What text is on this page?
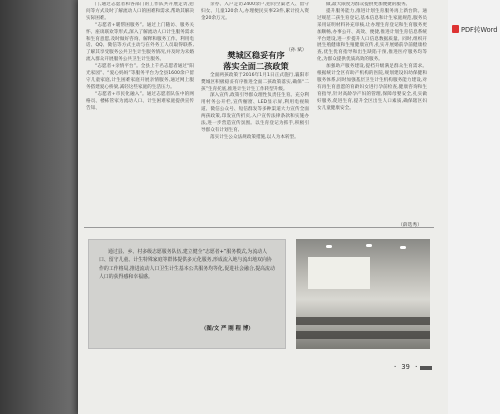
PDF转Word

门,通过志愿者和各部门的工作队共开展走访,慰问等方式及时了解流动人口的困难和需求,帮助其解决实际困难。

“志愿者+暖帮困服务”。通过上门随访、服务关怀、座谈联欢等形式,深入了解流动人口计生服务需求和生育意愿,及时做好咨询、解释和服务工作。利用电话、QQ、微信等方式主动与在外务工人员取得联系,了解其享受服务公共卫生计生服务情况,并及时为未婚流入群众开展服务公共卫生计生服务。

“志愿者+亲情平台”。全县上千名志愿者通过“阳光家园”、“爱心妈妈”等服务平台为全县1600余户留守儿童家庭,计生困难家庭开展亲情服务,通过网上服务搭建爱心桥梁,减轻这些家庭的生活压力。

“志愿者+市民化融入”。通过志愿者队伍中的网格员、楼栋管家为流动人口、计生困难家庭提供宣传告知、

亲办、入户走访2400余户,慰问空巢老人、留守妇女、儿童120余人,办理便民实事23件,累计投入资金20余万元。

全面两孩政策于2016年1月1日正式施行,襄阳市樊城区积极稳妥有序推进全面二孩政策落实,确保“二孩”生育托底,推进计生计生工作转型升级。

深入宣传,政策引导群众理性负责任生育。充分利用村务公开栏,宣传橱窗、LED显示屏,利用电视频道、微信公众号、短信群发等多种渠道大力宣传全面两孩政策,印发宣传折页,入户宣传法律条款和实施办法,进一步营造宣传氛围。以生育登记为抓手,积极引导群众有计划生育,

落实计生公众法规政策措施,以人为本转型。

（孙 斌）
樊城区稳妥有序
落实全面二孩政策

做,最大限度为群众提供更加便捷的服务。

提升服务能力,推进计划生育服务再上新台阶。通过规范二孩生育登记,基本信息和计生家庭规范,服务员采用证明材料补充审核,让办理生育登记和生育服务更加顺畅,办事公开、高效、便捷,推进计划生育信息系统平台建设,进一步提升人口信息数据质量。同时,组织开展生殖健康和生殖健康宣传,扎实开展婚前孕前健康检查,优生优育指导和出生缺陷干预,推进医疗服务均等化,为群众提供优质高效的服务。

加强助产服务建设,提档升级满足群众生育需求。根据统计全区有助产机构的医院,规划建设妇幼保健和服务体系,同时加强基层卫生计生机构服务能力建设,对有再生育意愿的育龄妇女进行孕前检查,健康咨询和生育指导,针对高龄孕产妇的管理,保障母婴安全,扎实做好服务,促进生育,提升全区出生人口素质,确保辖区妇女儿童健康安全。

（薛选秀）
通过县、乡、村多级志愿服务队伍,建立健全“志愿者+”服务模式,为流动人口、留守儿童、计生特殊家庭等群体提供多元化服务,形成流入地与流出地双向协作的工作格局,推进流动人口卫生计生基本公共服务均等化,促进社会融合,提高流动人口的获得感和幸福感。
（图/文 严 刚 程 博）
· 39 ·
